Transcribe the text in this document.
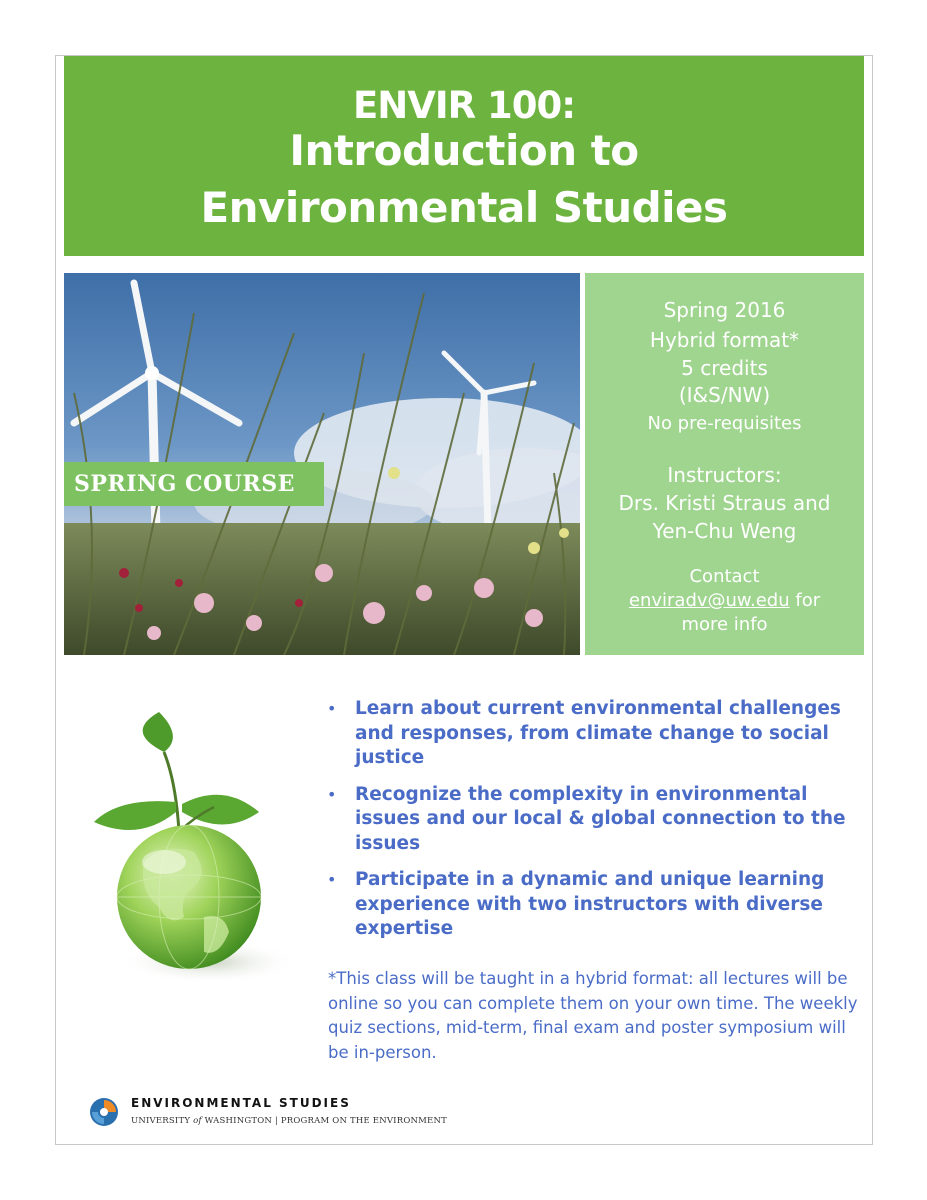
ENVIR 100:
Introduction to
Environmental Studies
SPRING COURSE
Spring 2016
Hybrid format*
5 credits
(I&S/NW)
No pre-requisites
Instructors:
Drs. Kristi Straus and
Yen-Chu Weng
Contact
enviradv@uw.edu for
more info
• Learn about current environmental challenges and responses, from climate change to social justice
• Recognize the complexity in environmental issues and our local & global connection to the issues
• Participate in a dynamic and unique learning experience with two instructors with diverse expertise
*This class will be taught in a hybrid format: all lectures will be online so you can complete them on your own time. The weekly quiz sections, mid-term, final exam and poster symposium will be in-person.
ENVIRONMENTAL STUDIES
UNIVERSITY of WASHINGTON | PROGRAM ON THE ENVIRONMENT
